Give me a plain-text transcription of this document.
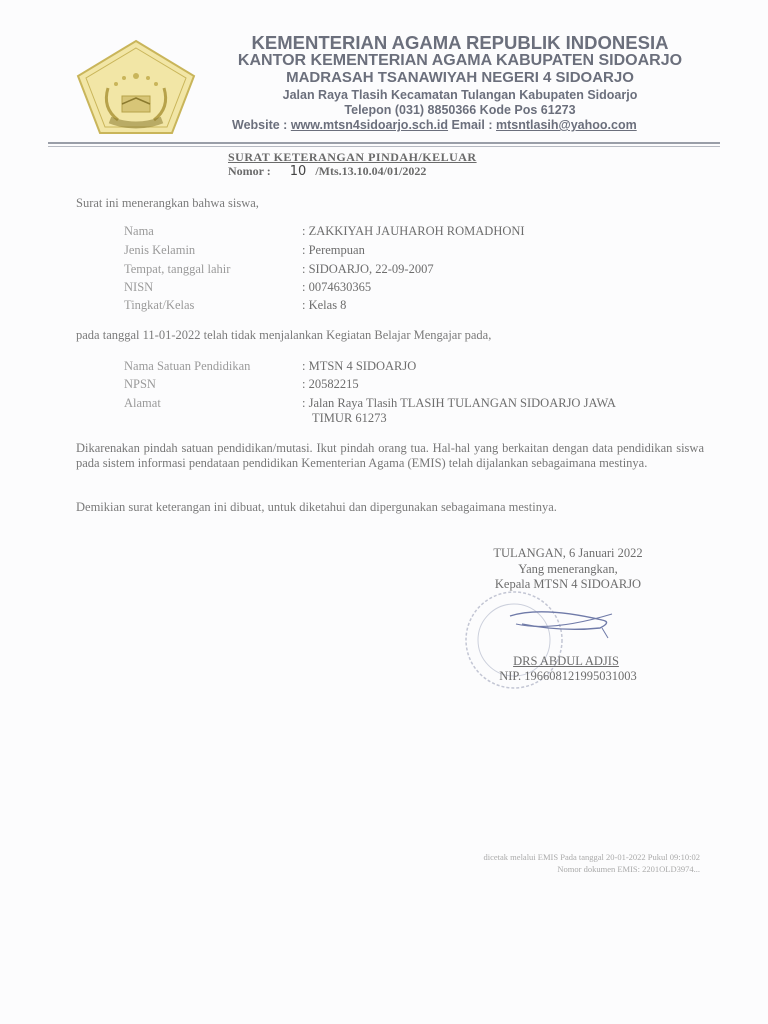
KEMENTERIAN AGAMA REPUBLIK INDONESIA
KANTOR KEMENTERIAN AGAMA KABUPATEN SIDOARJO
MADRASAH TSANAWIYAH NEGERI 4 SIDOARJO
Jalan Raya Tlasih Kecamatan Tulangan Kabupaten Sidoarjo
Telepon (031) 8850366 Kode Pos 61273
Website : www.mtsn4sidoarjo.sch.id Email : mtsntlasih@yahoo.com
SURAT KETERANGAN PINDAH/KELUAR
Nomor : 10 /Mts.13.10.04/01/2022
Surat ini menerangkan bahwa siswa,
Nama	: ZAKKIYAH JAUHAROH ROMADHONI
Jenis Kelamin	: Perempuan
Tempat, tanggal lahir	: SIDOARJO, 22-09-2007
NISN	: 0074630365
Tingkat/Kelas	: Kelas 8
pada tanggal 11-01-2022 telah tidak menjalankan Kegiatan Belajar Mengajar pada,
Nama Satuan Pendidikan	: MTSN 4 SIDOARJO
NPSN	: 20582215
Alamat	: Jalan Raya Tlasih TLASIH TULANGAN SIDOARJO JAWA
TIMUR 61273
Dikarenakan pindah satuan pendidikan/mutasi. Ikut pindah orang tua. Hal-hal yang berkaitan dengan data pendidikan siswa pada sistem informasi pendataan pendidikan Kementerian Agama (EMIS) telah dijalankan sebagaimana mestinya.
Demikian surat keterangan ini dibuat, untuk diketahui dan dipergunakan sebagaimana mestinya.
TULANGAN, 6 Januari 2022
Yang menerangkan,
Kepala MTSN 4 SIDOARJO
DRS ABDUL ADJIS
NIP. 196608121995031003
dicetak melalui EMIS Pada tanggal 20-01-2022 Pukul 09:10:02
Nomor dokumen EMIS: 2201OLD3974...
